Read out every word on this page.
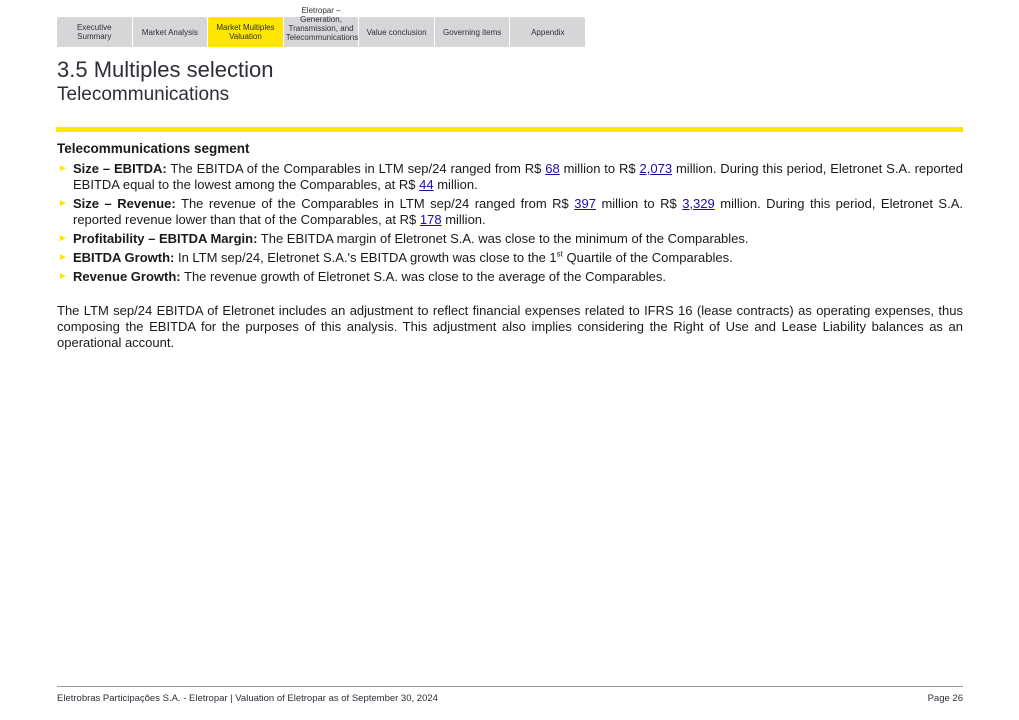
Executive Summary	Market Analysis	Market Multiples Valuation
Eletropar – Generation, Transmission, and Telecommunications
Value conclusion	Governing items	Appendix
3.5 Multiples selection
Telecommunications
Telecommunications segment
► Size – EBITDA: The EBITDA of the Comparables in LTM sep/24 ranged from R$ 68 million to R$ 2,073 million. During this period, Eletronet S.A. reported EBITDA equal to the lowest among the Comparables, at R$ 44 million.
► Size – Revenue: The revenue of the Comparables in LTM sep/24 ranged from R$ 397 million to R$ 3,329 million. During this period, Eletronet S.A. reported revenue lower than that of the Comparables, at R$ 178 million.
► Profitability – EBITDA Margin: The EBITDA margin of Eletronet S.A. was close to the minimum of the Comparables.
► EBITDA Growth: In LTM sep/24, Eletronet S.A.'s EBITDA growth was close to the 1st Quartile of the Comparables.
► Revenue Growth: The revenue growth of Eletronet S.A. was close to the average of the Comparables.

The LTM sep/24 EBITDA of Eletronet includes an adjustment to reflect financial expenses related to IFRS 16 (lease contracts) as operating expenses, thus composing the EBITDA for the purposes of this analysis. This adjustment also implies considering the Right of Use and Lease Liability balances as an operational account.

Eletrobras Participações S.A. - Eletropar | Valuation of Eletropar as of September 30, 2024	Page 26
